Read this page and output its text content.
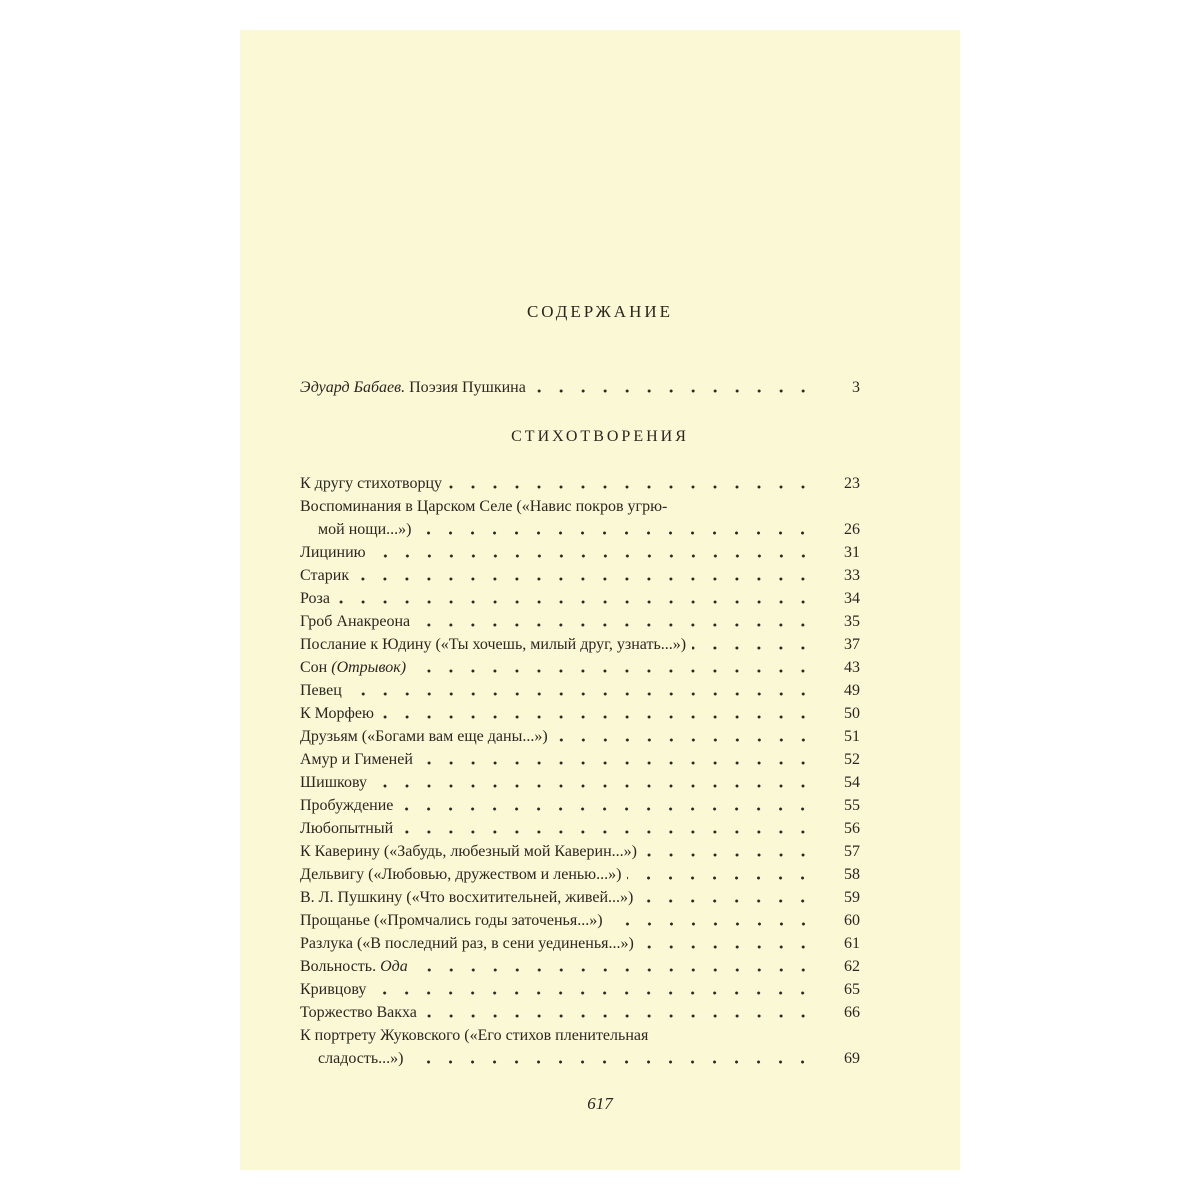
СОДЕРЖАНИЕ
Эдуард Бабаев. Поэзия Пушкина	3
СТИХОТВОРЕНИЯ
К другу стихотворцу	23
Воспоминания в Царском Селе («Навис покров угрю-
мой нощи...»)	26
Лицинию	31
Старик	33
Роза	34
Гроб Анакреона	35
Послание к Юдину («Ты хочешь, милый друг, узнать...»)	37
Сон (Отрывок)	43
Певец	49
К Морфею	50
Друзьям («Богами вам еще даны...»)	51
Амур и Гименей	52
Шишкову	54
Пробуждение	55
Любопытный	56
К Каверину («Забудь, любезный мой Каверин...»)	57
Дельвигу («Любовью, дружеством и ленью...»)	58
В. Л. Пушкину («Что восхитительней, живей...»)	59
Прощанье («Промчались годы заточенья...»)	60
Разлука («В последний раз, в сени уединенья...»)	61
Вольность. Ода	62
Кривцову	65
Торжество Вакха	66
К портрету Жуковского («Его стихов пленительная
сладость...»)	69
617
